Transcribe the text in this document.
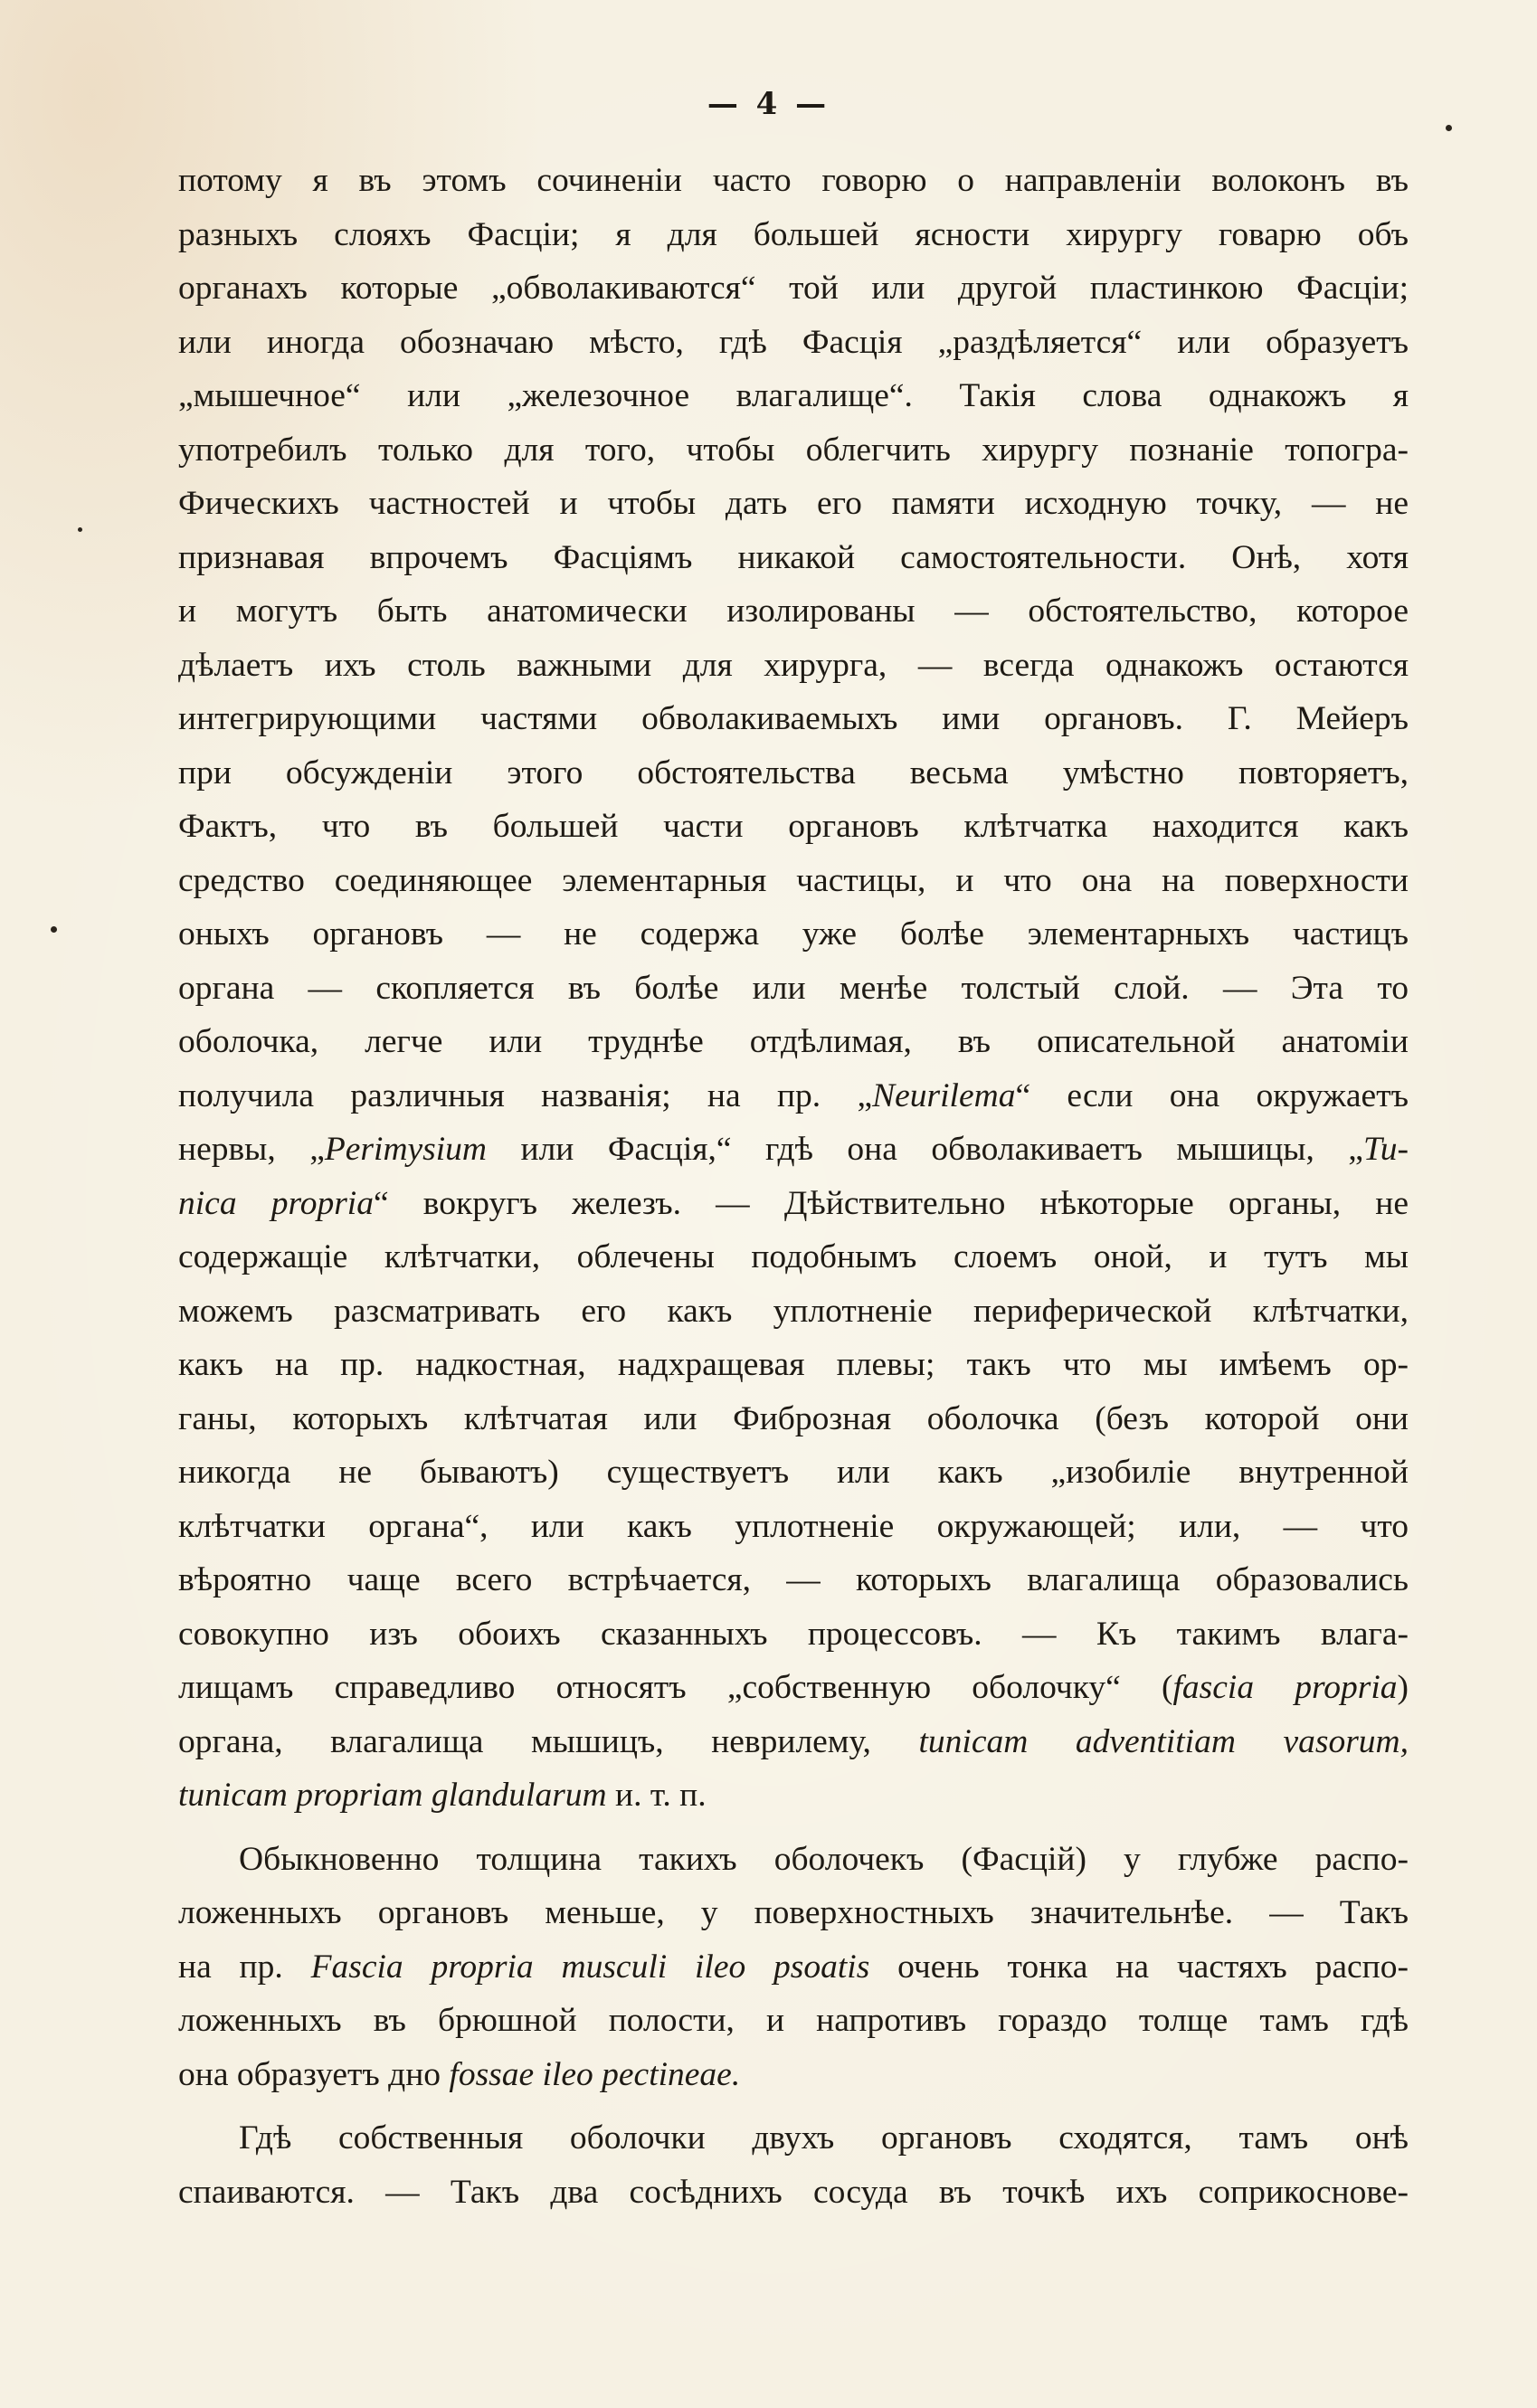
— 4 —

потому я въ этомъ сочиненіи часто говорю о направленіи волоконъ въ
разныхъ слояхъ Фасціи; я для большей ясности хирургу говарю объ
органахъ которые „обволакиваются“ той или другой пластинкою Фасціи;
или иногда обозначаю мѣсто, гдѣ Фасція „раздѣляется“ или образуетъ
„мышечное“ или „железочное влагалище“. Такія слова однакожъ я
употребилъ только для того, чтобы облегчить хирургу познаніе топогра-
Фическихъ частностей и чтобы дать его памяти исходную точку, — не
признавая впрочемъ Фасціямъ никакой самостоятельности. Онѣ, хотя
и могутъ быть анатомически изолированы — обстоятельство, которое
дѣлаетъ ихъ столь важными для хирурга, — всегда однакожъ остаются
интегрирующими частями обволакиваемыхъ ими органовъ. Г. Мейеръ
при обсужденіи этого обстоятельства весьма умѣстно повторяетъ,
Фактъ, что въ большей части органовъ клѣтчатка находится какъ
средство соединяющее элементарныя частицы, и что она на поверхности
оныхъ органовъ — не содержа уже болѣе элементарныхъ частицъ
органа — скопляется въ болѣе или менѣе толстый слой. — Эта то
оболочка, легче или труднѣе отдѣлимая, въ описательной анатоміи
получила различныя названія; на пр. „Neurilema“ если она окружаетъ
нервы, „Perimysium или Фасція,“ гдѣ она обволакиваетъ мышицы, „Tu-
nica propria“ вокругъ железъ. — Дѣйствительно нѣкоторые органы, не
содержащіе клѣтчатки, облечены подобнымъ слоемъ оной, и тутъ мы
можемъ разсматривать его какъ уплотненіе периферической клѣтчатки,
какъ на пр. надкостная, надхращевая плевы; такъ что мы имѣемъ ор-
ганы, которыхъ клѣтчатая или Фиброзная оболочка (безъ которой они
никогда не бываютъ) существуетъ или какъ „изобиліе внутренной
клѣтчатки органа“, или какъ уплотненіе окружающей; или, — что
вѣроятно чаще всего встрѣчается, — которыхъ влагалища образовались
совокупно изъ обоихъ сказанныхъ процессовъ. — Къ такимъ влага-
лищамъ справедливо относятъ „собственную оболочку“ (fascia propria)
органа, влагалища мышицъ, неврилему, tunicam adventitiam vasorum,
tunicam propriam glandularum и. т. п.

Обыкновенно толщина такихъ оболочекъ (Фасцій) у глубже распо-
ложенныхъ органовъ меньше, у поверхностныхъ значительнѣе. — Такъ
на пр. Fascia propria musculi ileo psoatis очень тонка на частяхъ распо-
ложенныхъ въ брюшной полости, и напротивъ гораздо толще тамъ гдѣ
она образуетъ дно fossae ileo pectineae.

Гдѣ собственныя оболочки двухъ органовъ сходятся, тамъ онѣ
спаиваются. — Такъ два сосѣднихъ сосуда въ точкѣ ихъ соприкоснове-
